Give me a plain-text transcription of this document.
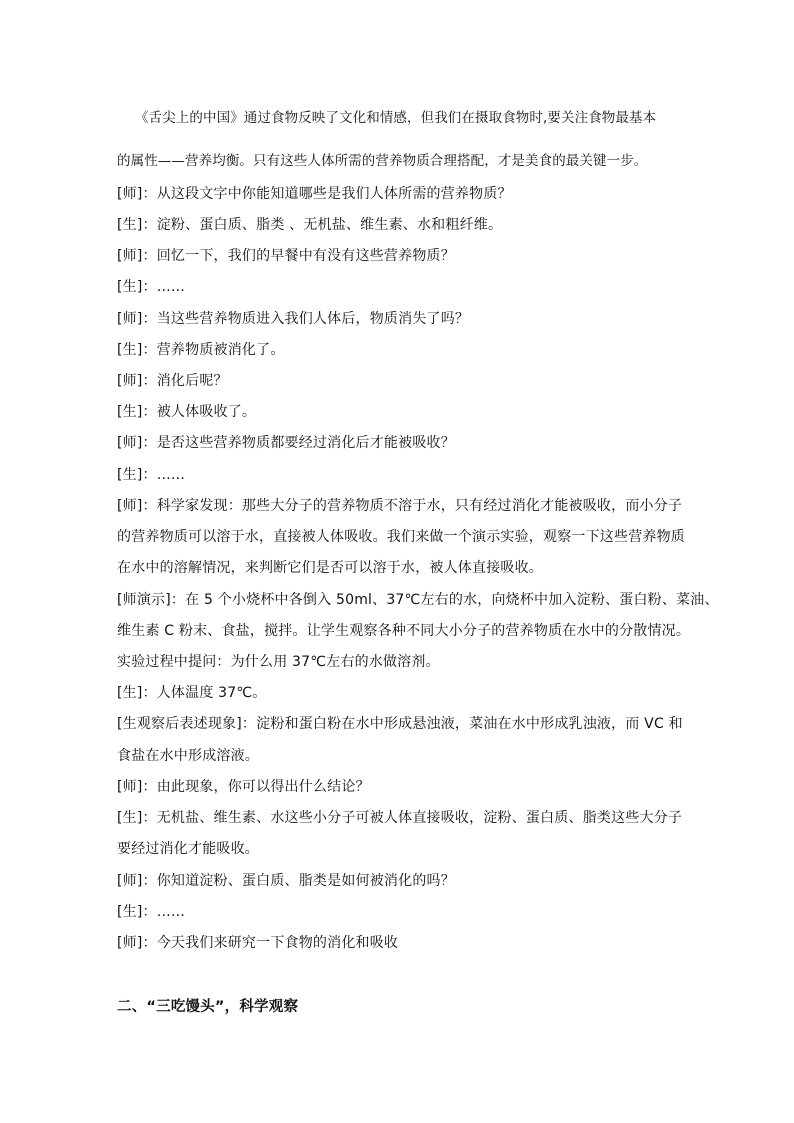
《舌尖上的中国》通过食物反映了文化和情感，但我们在摄取食物时,要关注食物最基本
的属性——营养均衡。只有这些人体所需的营养物质合理搭配，才是美食的最关键一步。
[师]：从这段文字中你能知道哪些是我们人体所需的营养物质？
[生]：淀粉、蛋白质、脂类 、无机盐、维生素、水和粗纤维。
[师]：回忆一下，我们的早餐中有没有这些营养物质？
[生]：……
[师]：当这些营养物质进入我们人体后，物质消失了吗？
[生]：营养物质被消化了。
[师]：消化后呢？
[生]：被人体吸收了。
[师]：是否这些营养物质都要经过消化后才能被吸收？
[生]：……
[师]：科学家发现：那些大分子的营养物质不溶于水，只有经过消化才能被吸收，而小分子
的营养物质可以溶于水，直接被人体吸收。我们来做一个演示实验，观察一下这些营养物质
在水中的溶解情况，来判断它们是否可以溶于水，被人体直接吸收。
[师演示]：在 5 个小烧杯中各倒入 50ml、37℃左右的水，向烧杯中加入淀粉、蛋白粉、菜油、
维生素 C 粉末、食盐，搅拌。让学生观察各种不同大小分子的营养物质在水中的分散情况。
实验过程中提问：为什么用 37℃左右的水做溶剂。
[生]：人体温度 37℃。
[生观察后表述现象]：淀粉和蛋白粉在水中形成悬浊液，菜油在水中形成乳浊液，而 VC 和
食盐在水中形成溶液。
[师]：由此现象，你可以得出什么结论？
[生]：无机盐、维生素、水这些小分子可被人体直接吸收，淀粉、蛋白质、脂类这些大分子
要经过消化才能吸收。
[师]：你知道淀粉、蛋白质、脂类是如何被消化的吗？
[生]：……
[师]：今天我们来研究一下食物的消化和吸收
二、“三吃馒头”，科学观察
